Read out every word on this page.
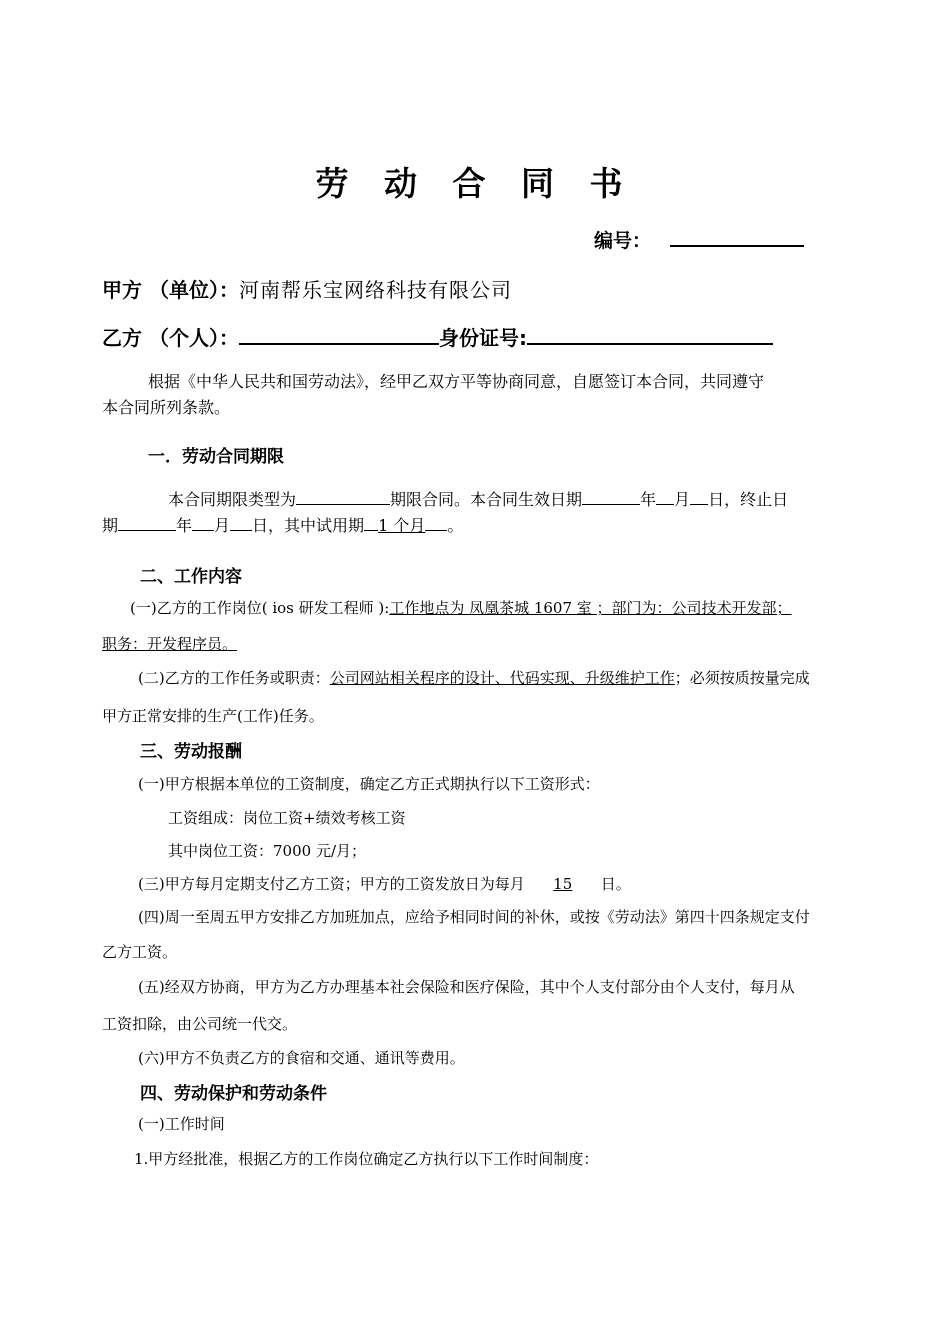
劳 动 合 同 书
编号：
甲方 （单位）：河南帮乐宝网络科技有限公司
乙方 （个人）：	身份证号:
根据《中华人民共和国劳动法》，经甲乙双方平等协商同意，自愿签订本合同，共同遵守
本合同所列条款。
一．劳动合同期限
本合同期限类型为	期限合同。本合同生效日期	年 月 日，终止日
期	年 月 日，其中试用期 1 个月 。
二、工作内容
(一)乙方的工作岗位( ios 研发工程师 ):工作地点为 凤凰茶城 1607 室 ；部门为：公司技术开发部；
职务：开发程序员。
(二)乙方的工作任务或职责：公司网站相关程序的设计、代码实现、升级维护工作；必须按质按量完成
甲方正常安排的生产(工作)任务。
三、劳动报酬
(一)甲方根据本单位的工资制度，确定乙方正式期执行以下工资形式：
工资组成：岗位工资+绩效考核工资
其中岗位工资：7000 元/月；
(三)甲方每月定期支付乙方工资；甲方的工资发放日为每月 15 日。
(四)周一至周五甲方安排乙方加班加点，应给予相同时间的补休，或按《劳动法》第四十四条规定支付
乙方工资。
(五)经双方协商，甲方为乙方办理基本社会保险和医疗保险，其中个人支付部分由个人支付，每月从
工资扣除，由公司统一代交。
(六)甲方不负责乙方的食宿和交通、通讯等费用。
四、劳动保护和劳动条件
(一)工作时间
1.甲方经批准，根据乙方的工作岗位确定乙方执行以下工作时间制度：
